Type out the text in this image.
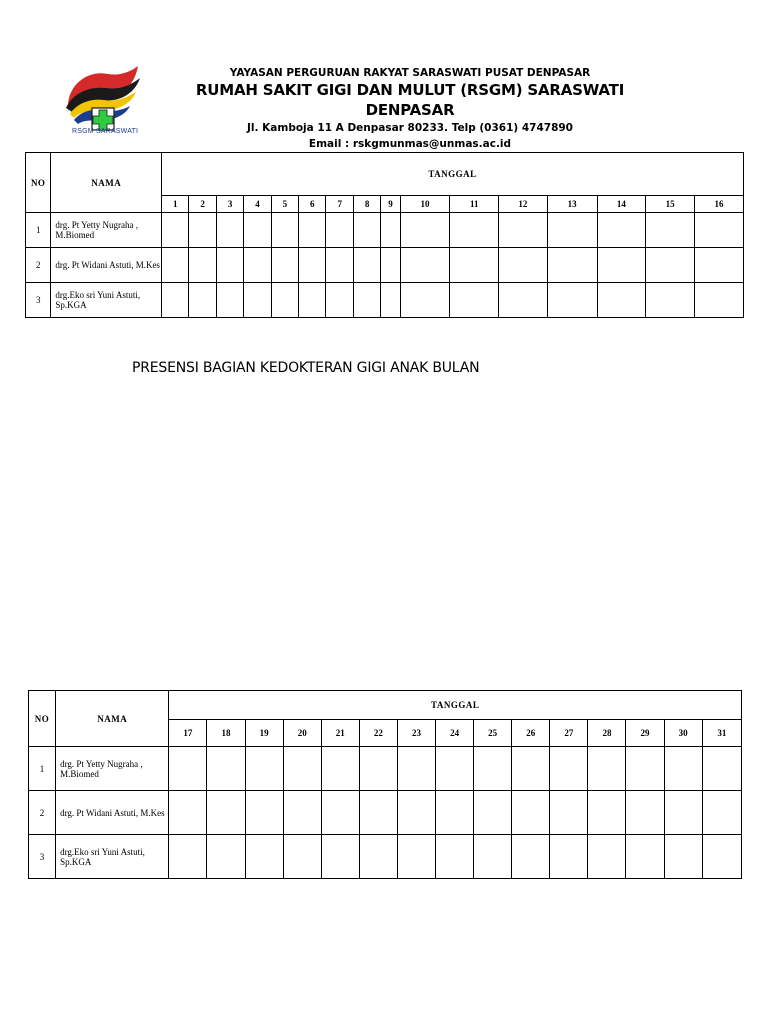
RSGM SARASWATI
YAYASAN PERGURUAN RAKYAT SARASWATI PUSAT DENPASAR
RUMAH SAKIT GIGI DAN MULUT (RSGM) SARASWATI DENPASAR
Jl. Kamboja 11 A Denpasar 80233. Telp (0361) 4747890
Email : rskgmunmas@unmas.ac.id
NO	NAMA	TANGGAL															
		1	2	3	4	5	6	7	8	9	10	11	12	13	14	15	16
1	drg. Pt Yetty Nugraha , M.Biomed																
2	drg. Pt Widani Astuti, M.Kes																
3	drg.Eko sri Yuni Astuti, Sp.KGA																
PRESENSI BAGIAN KEDOKTERAN GIGI ANAK BULAN
NO	NAMA	TANGGAL														
		17	18	19	20	21	22	23	24	25	26	27	28	29	30	31
1	drg. Pt Yetty Nugraha , M.Biomed															
2	drg. Pt Widani Astuti, M.Kes															
3	drg.Eko sri Yuni Astuti, Sp.KGA															
